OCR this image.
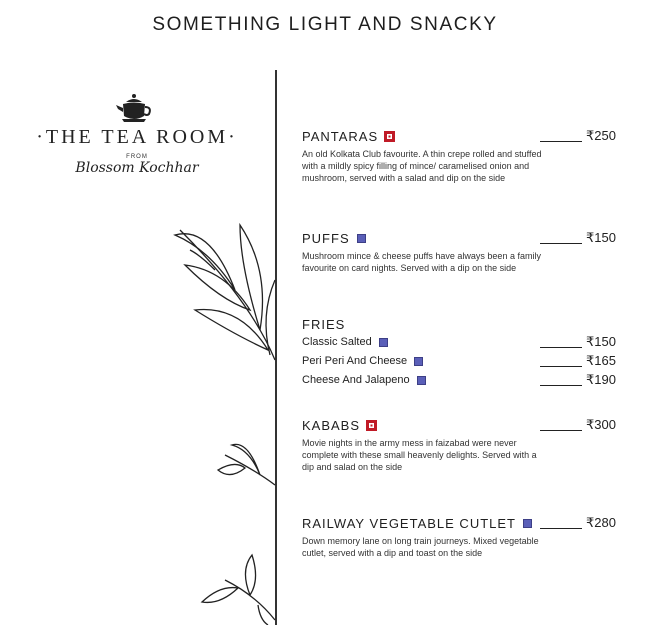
SOMETHING LIGHT AND SNACKY
·THE TEA ROOM·
FROM
Blossom Kochhar
PANTARAS
An old Kolkata Club favourite. A thin crepe rolled and stuffed with a mildly spicy filling of mince/ caramelised onion and mushroom, served with a salad and dip on the side
₹250
PUFFS
Mushroom mince & cheese puffs have always been a family favourite on card nights. Served with a dip on the side
₹150
FRIES
Classic Salted	₹150
Peri Peri And Cheese	₹165
Cheese And Jalapeno	₹190
KABABS
Movie nights in the army mess in faizabad were never complete with these small heavenly delights. Served with a dip and salad on the side
₹300
RAILWAY VEGETABLE CUTLET
Down memory lane on long train journeys. Mixed vegetable cutlet, served with a dip and toast on the side
₹280
